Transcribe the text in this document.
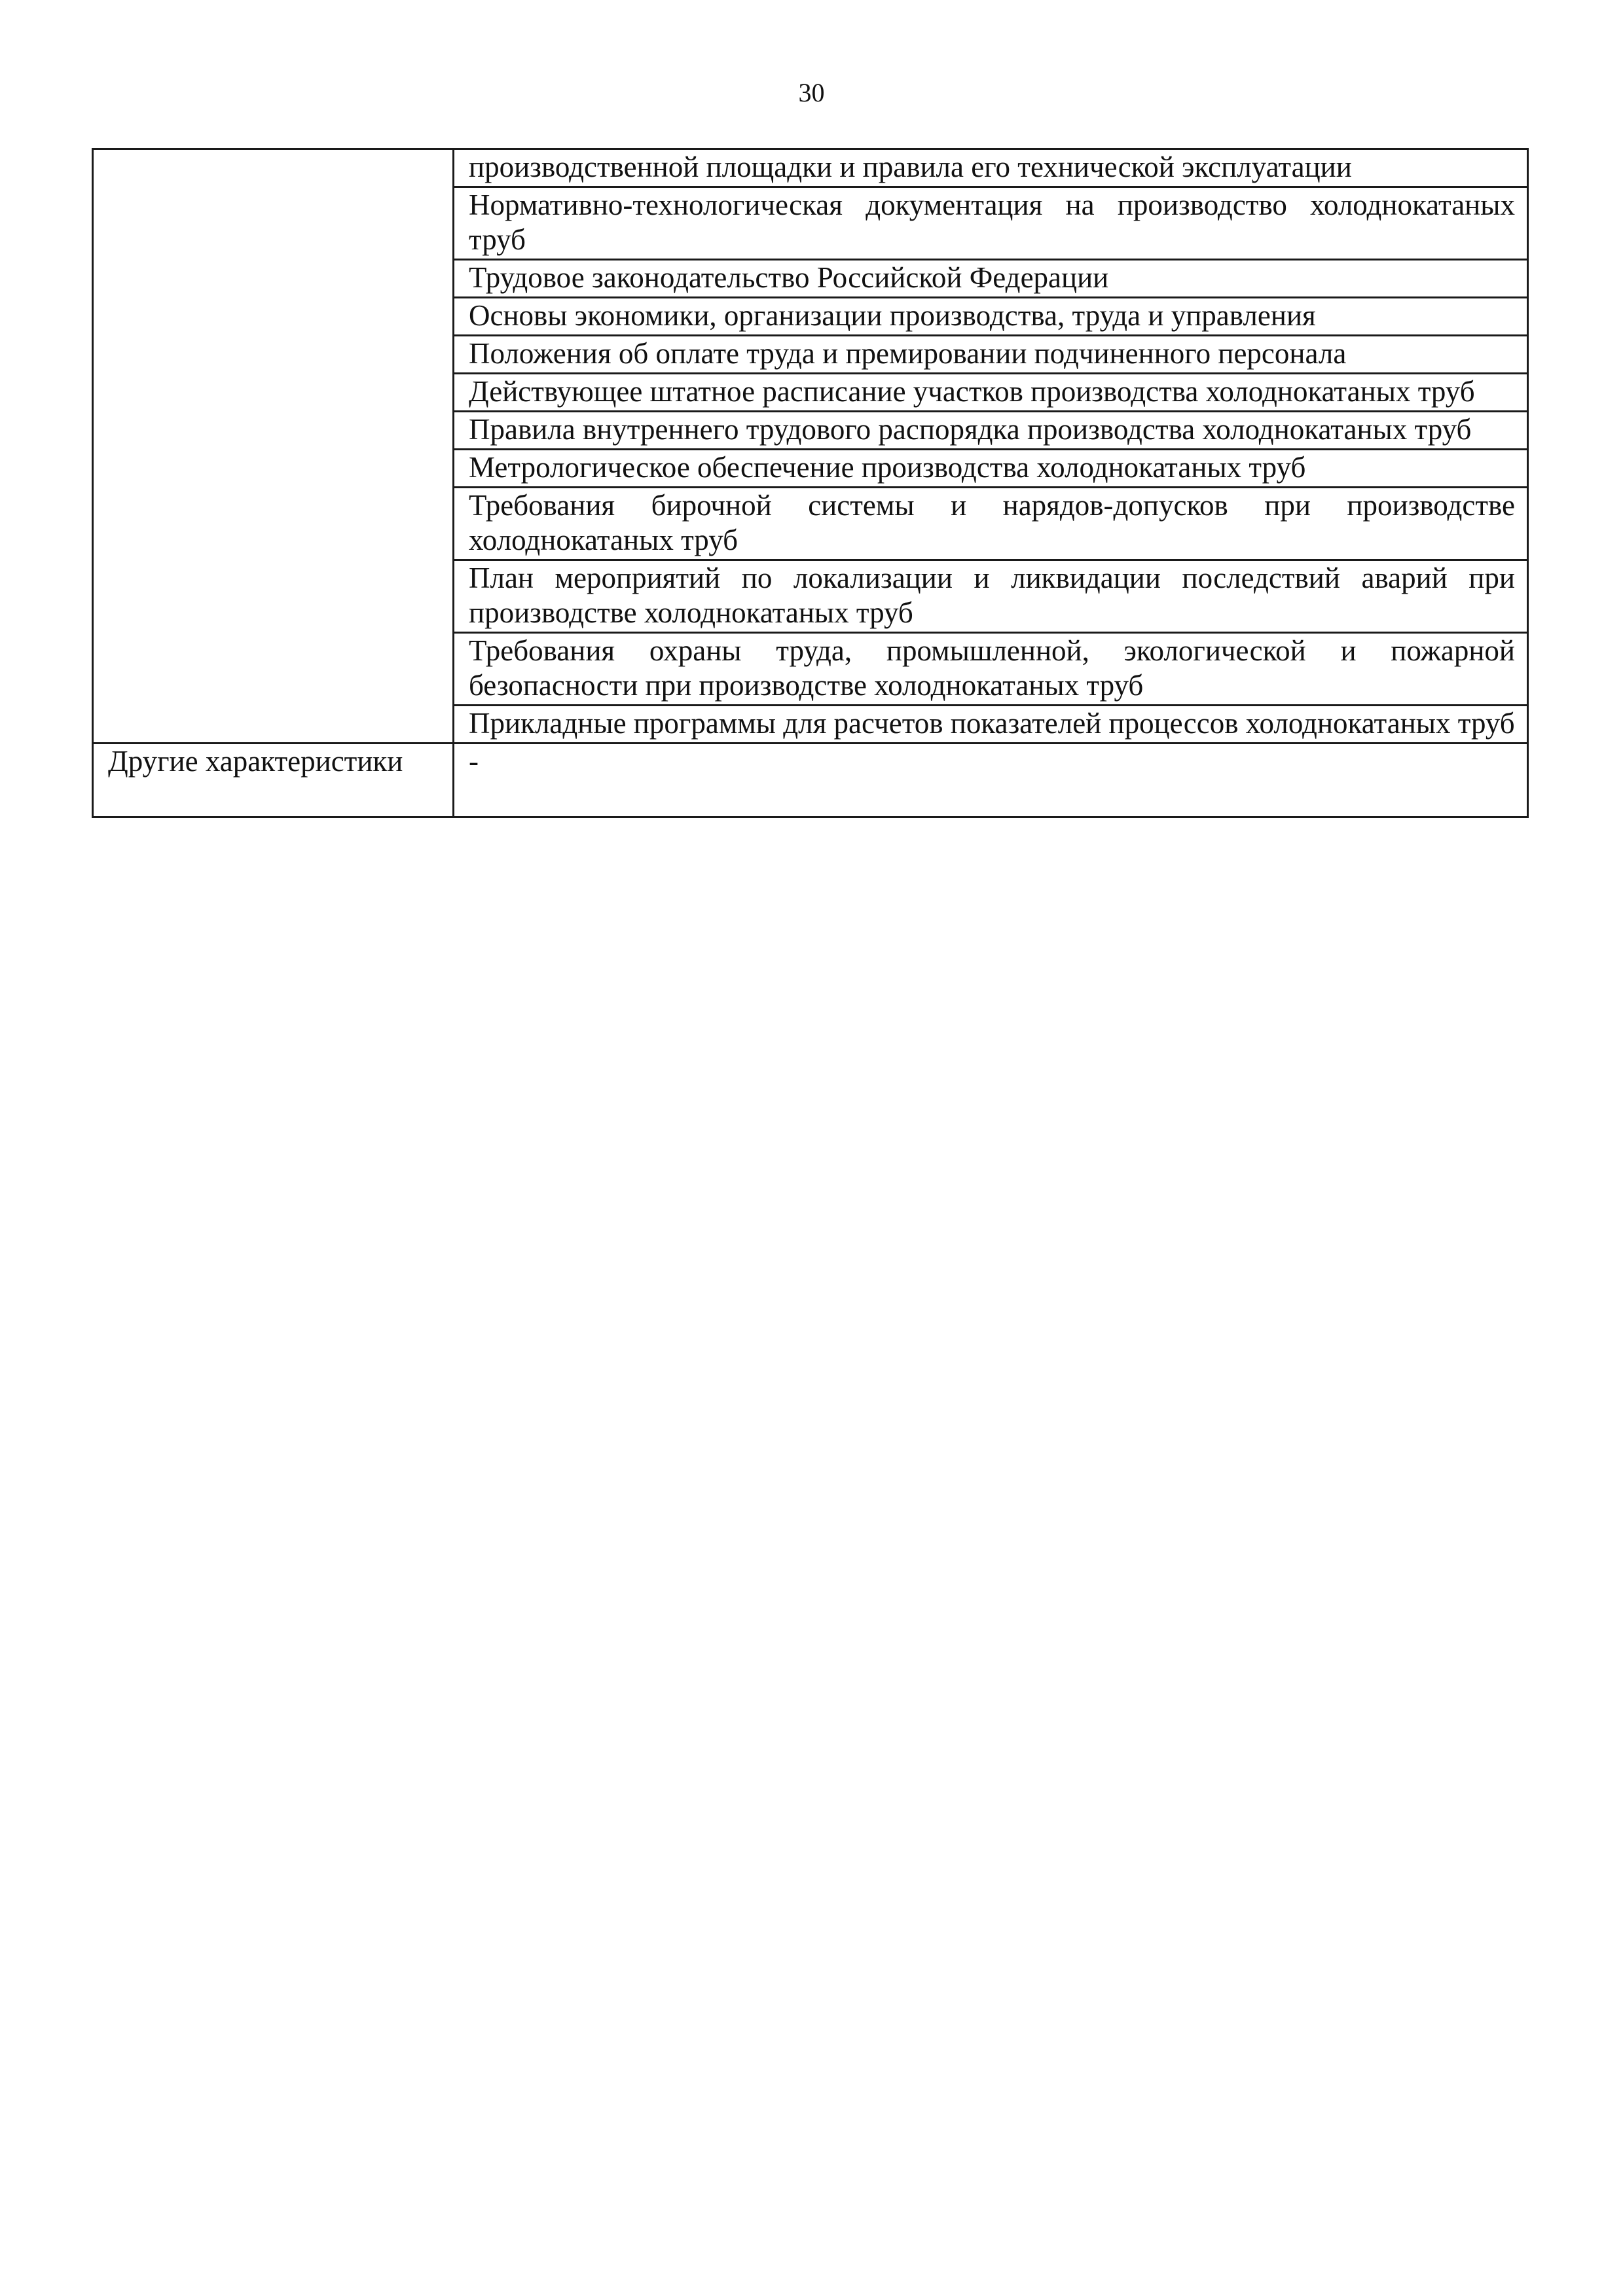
30
	производственной площадки и правила его технической эксплуатации
	Нормативно-технологическая документация на производство холоднокатаных труб
	Трудовое законодательство Российской Федерации
	Основы экономики, организации производства, труда и управления
	Положения об оплате труда и премировании подчиненного персонала
	Действующее штатное расписание участков производства холоднокатаных труб
	Правила внутреннего трудового распорядка производства холоднокатаных труб
	Метрологическое обеспечение производства холоднокатаных труб
	Требования бирочной системы и нарядов-допусков при производстве холоднокатаных труб
	План мероприятий по локализации и ликвидации последствий аварий при производстве холоднокатаных труб
	Требования охраны труда, промышленной, экологической и пожарной безопасности при производстве холоднокатаных труб
	Прикладные программы для расчетов показателей процессов холоднокатаных труб
Другие характеристики	-
